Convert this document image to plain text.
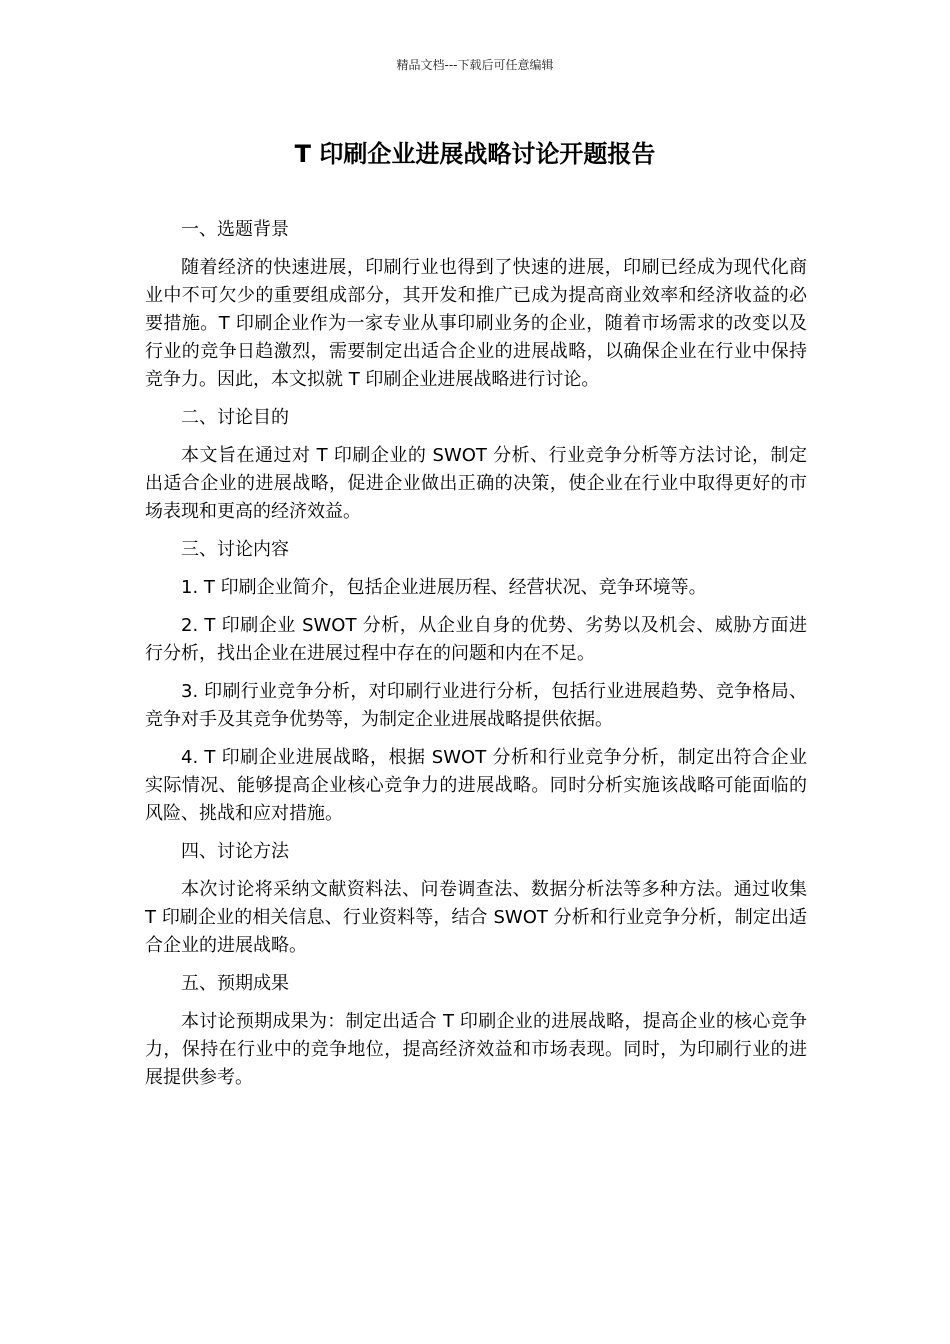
精品文档---下载后可任意编辑
T 印刷企业进展战略讨论开题报告

一、选题背景

随着经济的快速进展，印刷行业也得到了快速的进展，印刷已经成为现代化商业中不可欠少的重要组成部分，其开发和推广已成为提高商业效率和经济收益的必要措施。T 印刷企业作为一家专业从事印刷业务的企业，随着市场需求的改变以及行业的竞争日趋激烈，需要制定出适合企业的进展战略，以确保企业在行业中保持竞争力。因此，本文拟就 T 印刷企业进展战略进行讨论。

二、讨论目的

本文旨在通过对 T 印刷企业的 SWOT 分析、行业竞争分析等方法讨论，制定出适合企业的进展战略，促进企业做出正确的决策，使企业在行业中取得更好的市场表现和更高的经济效益。

三、讨论内容

1. T 印刷企业简介，包括企业进展历程、经营状况、竞争环境等。

2. T 印刷企业 SWOT 分析，从企业自身的优势、劣势以及机会、威胁方面进行分析，找出企业在进展过程中存在的问题和内在不足。

3. 印刷行业竞争分析，对印刷行业进行分析，包括行业进展趋势、竞争格局、竞争对手及其竞争优势等，为制定企业进展战略提供依据。

4. T 印刷企业进展战略，根据 SWOT 分析和行业竞争分析，制定出符合企业实际情况、能够提高企业核心竞争力的进展战略。同时分析实施该战略可能面临的风险、挑战和应对措施。

四、讨论方法

本次讨论将采纳文献资料法、问卷调查法、数据分析法等多种方法。通过收集 T 印刷企业的相关信息、行业资料等，结合 SWOT 分析和行业竞争分析，制定出适合企业的进展战略。

五、预期成果

本讨论预期成果为：制定出适合 T 印刷企业的进展战略，提高企业的核心竞争力，保持在行业中的竞争地位，提高经济效益和市场表现。同时，为印刷行业的进展提供参考。
